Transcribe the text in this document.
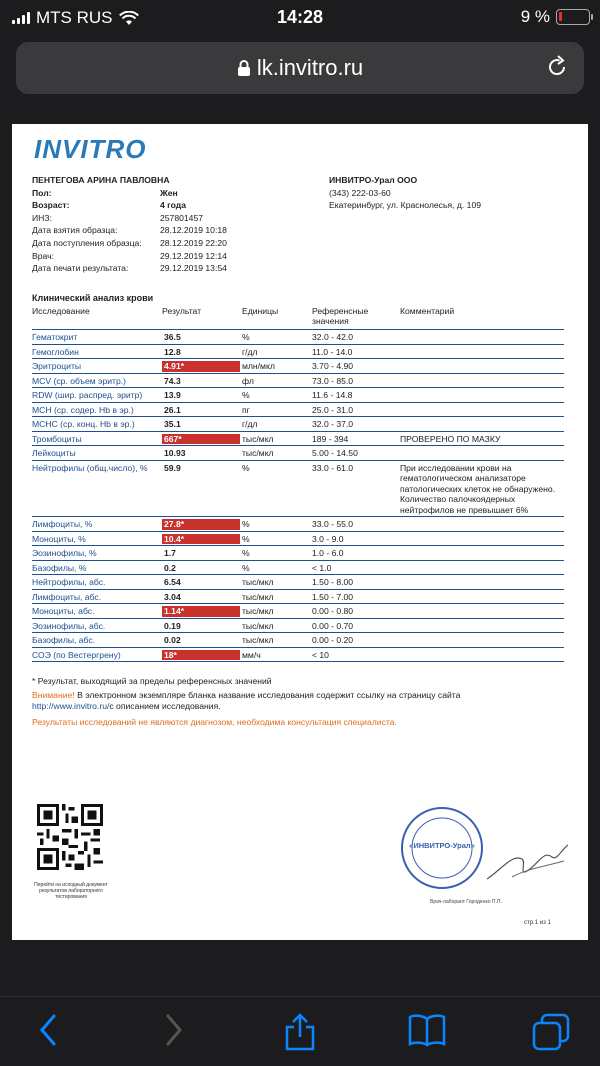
MTS RUS	14:28	9 %
lk.invitro.ru
INVITRO
ПЕНТЕГОВА АРИНА ПАВЛОВНА
Пол:	Жен
Возраст:	4 года
ИНЗ:	257801457
Дата взятия образца:	28.12.2019 10:18
Дата поступления образца:	28.12.2019 22:20
Врач:	29.12.2019 12:14
Дата печати результата:	29.12.2019 13:54
ИНВИТРО-Урал ООО
(343) 222-03-60
Екатеринбург, ул. Краснолесья, д. 109
Клинический анализ крови
Исследование	Результат	Единицы	Референсные значения	Комментарий
Гематокрит	36.5	%	32.0 - 42.0	
Гемоглобин	12.8	г/дл	11.0 - 14.0	
Эритроциты	4.91*	млн/мкл	3.70 - 4.90	
MCV (ср. объем эритр.)	74.3	фл	73.0 - 85.0	
RDW (шир. распред. эритр)	13.9	%	11.6 - 14.8	
MCH (ср. содер. Hb в эр.)	26.1	пг	25.0 - 31.0	
MCHC (ср. конц. Hb в эр.)	35.1	г/дл	32.0 - 37.0	
Тромбоциты	667*	тыс/мкл	189 - 394	ПРОВЕРЕНО ПО МАЗКУ
Лейкоциты	10.93	тыс/мкл	5.00 - 14.50	
Нейтрофилы (общ.число), %	59.9	%	33.0 - 61.0	При исследовании крови на гематологическом анализаторе патологических клеток не обнаружено. Количество палочкоядерных нейтрофилов не превышает 6%
Лимфоциты, %	27.8*	%	33.0 - 55.0	
Моноциты, %	10.4*	%	3.0 - 9.0	
Эозинофилы, %	1.7	%	1.0 - 6.0	
Базофилы, %	0.2	%	< 1.0	
Нейтрофилы, абс.	6.54	тыс/мкл	1.50 - 8.00	
Лимфоциты, абс.	3.04	тыс/мкл	1.50 - 7.00	
Моноциты, абс.	1.14*	тыс/мкл	0.00 - 0.80	
Эозинофилы, абс.	0.19	тыс/мкл	0.00 - 0.70	
Базофилы, абс.	0.02	тыс/мкл	0.00 - 0.20	
СОЭ (по Вестергрену)	18*	мм/ч	< 10	
* Результат, выходящий за пределы референсных значений
Внимание! В электронном экземпляре бланка название исследования содержит ссылку на страницу сайта
http://www.invitro.ru/с описанием исследования.
Результаты исследований не являются диагнозом, необходима консультация специалиста.
Перейти на исходный документ результатов лабораторного тестирования
«ИНВИТРО-Урал»
Врач-лаборант Городенко П.П.
стр.1 из 1
